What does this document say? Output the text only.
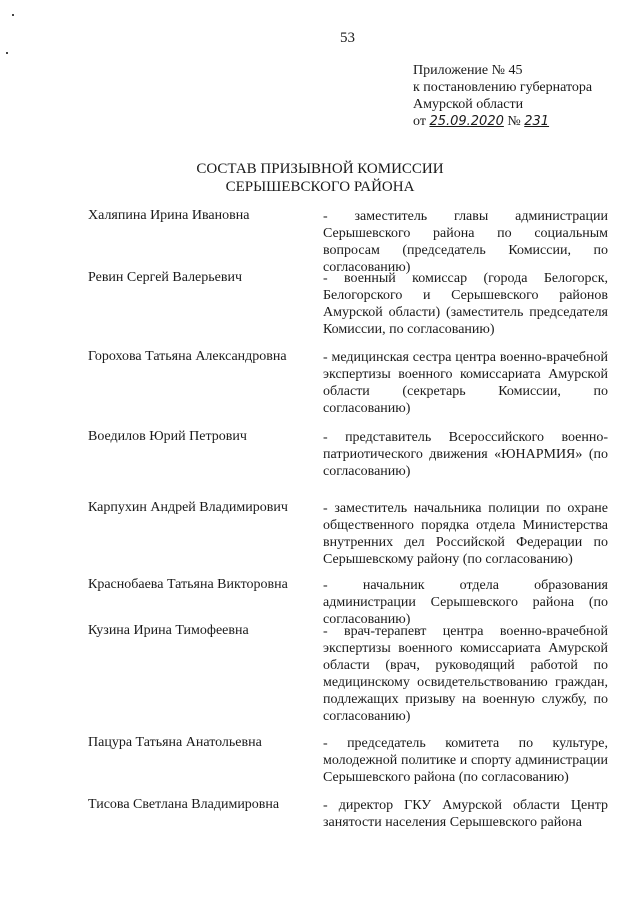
53
Приложение № 45
к постановлению губернатора
Амурской области
от 25.09.2020 № 231
СОСТАВ ПРИЗЫВНОЙ КОМИССИИ
СЕРЫШЕВСКОГО РАЙОНА
Халяпина Ирина Ивановна	- заместитель главы администрации Серышевского района по социальным вопросам (председатель Комиссии, по согласованию)
Ревин Сергей Валерьевич	- военный комиссар (города Белогорск, Белогорского и Серышевского районов Амурской области) (заместитель председателя Комиссии, по согласованию)
Горохова Татьяна Александровна	- медицинская сестра центра военно-врачебной экспертизы военного комиссариата Амурской области (секретарь Комиссии, по согласованию)
Воедилов Юрий Петрович	- представитель Всероссийского военно-патриотического движения «ЮНАРМИЯ» (по согласованию)
Карпухин Андрей Владимирович	- заместитель начальника полиции по охране общественного порядка отдела Министерства внутренних дел Российской Федерации по Серышевскому району (по согласованию)
Краснобаева Татьяна Викторовна	- начальник отдела образования администрации Серышевского района (по согласованию)
Кузина Ирина Тимофеевна	- врач-терапевт центра военно-врачебной экспертизы военного комиссариата Амурской области (врач, руководящий работой по медицинскому освидетельствованию граждан, подлежащих призыву на военную службу, по согласованию)
Пацура Татьяна Анатольевна	- председатель комитета по культуре, молодежной политике и спорту администрации Серышевского района (по согласованию)
Тисова Светлана Владимировна	- директор ГКУ Амурской области Центр занятости населения Серышевского района
